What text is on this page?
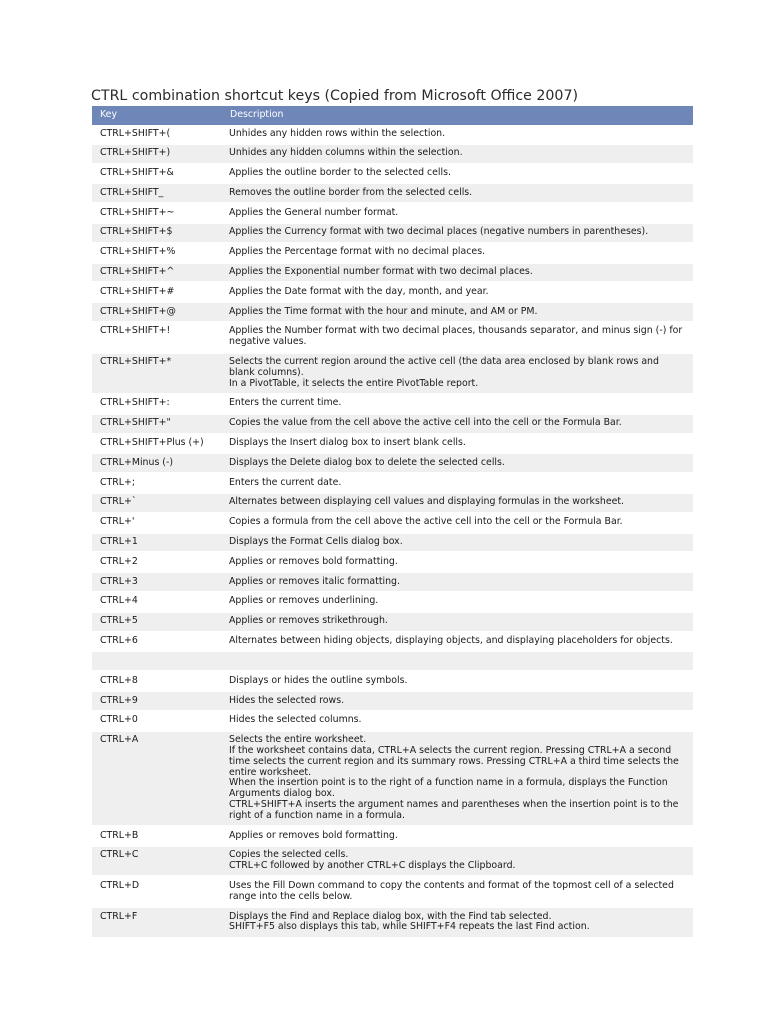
CTRL combination shortcut keys (Copied from Microsoft Office 2007)
Key	Description
CTRL+SHIFT+(	Unhides any hidden rows within the selection.

CTRL+SHIFT+)	Unhides any hidden columns within the selection.

CTRL+SHIFT+&	Applies the outline border to the selected cells.

CTRL+SHIFT_	Removes the outline border from the selected cells.

CTRL+SHIFT+~	Applies the General number format.

CTRL+SHIFT+$	Applies the Currency format with two decimal places (negative numbers in parentheses).

CTRL+SHIFT+%	Applies the Percentage format with no decimal places.

CTRL+SHIFT+^	Applies the Exponential number format with two decimal places.

CTRL+SHIFT+#	Applies the Date format with the day, month, and year.

CTRL+SHIFT+@	Applies the Time format with the hour and minute, and AM or PM.

CTRL+SHIFT+!	Applies the Number format with two decimal places, thousands separator, and minus sign (-) for negative values.

CTRL+SHIFT+*	Selects the current region around the active cell (the data area enclosed by blank rows and blank columns).
In a PivotTable, it selects the entire PivotTable report.

CTRL+SHIFT+:	Enters the current time.

CTRL+SHIFT+"	Copies the value from the cell above the active cell into the cell or the Formula Bar.

CTRL+SHIFT+Plus (+)	Displays the Insert dialog box to insert blank cells.

CTRL+Minus (-)	Displays the Delete dialog box to delete the selected cells.

CTRL+;	Enters the current date.

CTRL+`	Alternates between displaying cell values and displaying formulas in the worksheet.

CTRL+'	Copies a formula from the cell above the active cell into the cell or the Formula Bar.

CTRL+1	Displays the Format Cells dialog box.

CTRL+2	Applies or removes bold formatting.

CTRL+3	Applies or removes italic formatting.

CTRL+4	Applies or removes underlining.

CTRL+5	Applies or removes strikethrough.

CTRL+6	Alternates between hiding objects, displaying objects, and displaying placeholders for objects.

CTRL+8	Displays or hides the outline symbols.

CTRL+9	Hides the selected rows.

CTRL+0	Hides the selected columns.

CTRL+A	Selects the entire worksheet.
If the worksheet contains data, CTRL+A selects the current region. Pressing CTRL+A a second time selects the current region and its summary rows. Pressing CTRL+A a third time selects the entire worksheet.
When the insertion point is to the right of a function name in a formula, displays the Function Arguments dialog box.
CTRL+SHIFT+A inserts the argument names and parentheses when the insertion point is to the right of a function name in a formula.

CTRL+B	Applies or removes bold formatting.

CTRL+C	Copies the selected cells.
CTRL+C followed by another CTRL+C displays the Clipboard.

CTRL+D	Uses the Fill Down command to copy the contents and format of the topmost cell of a selected range into the cells below.

CTRL+F	Displays the Find and Replace dialog box, with the Find tab selected.
SHIFT+F5 also displays this tab, while SHIFT+F4 repeats the last Find action.
